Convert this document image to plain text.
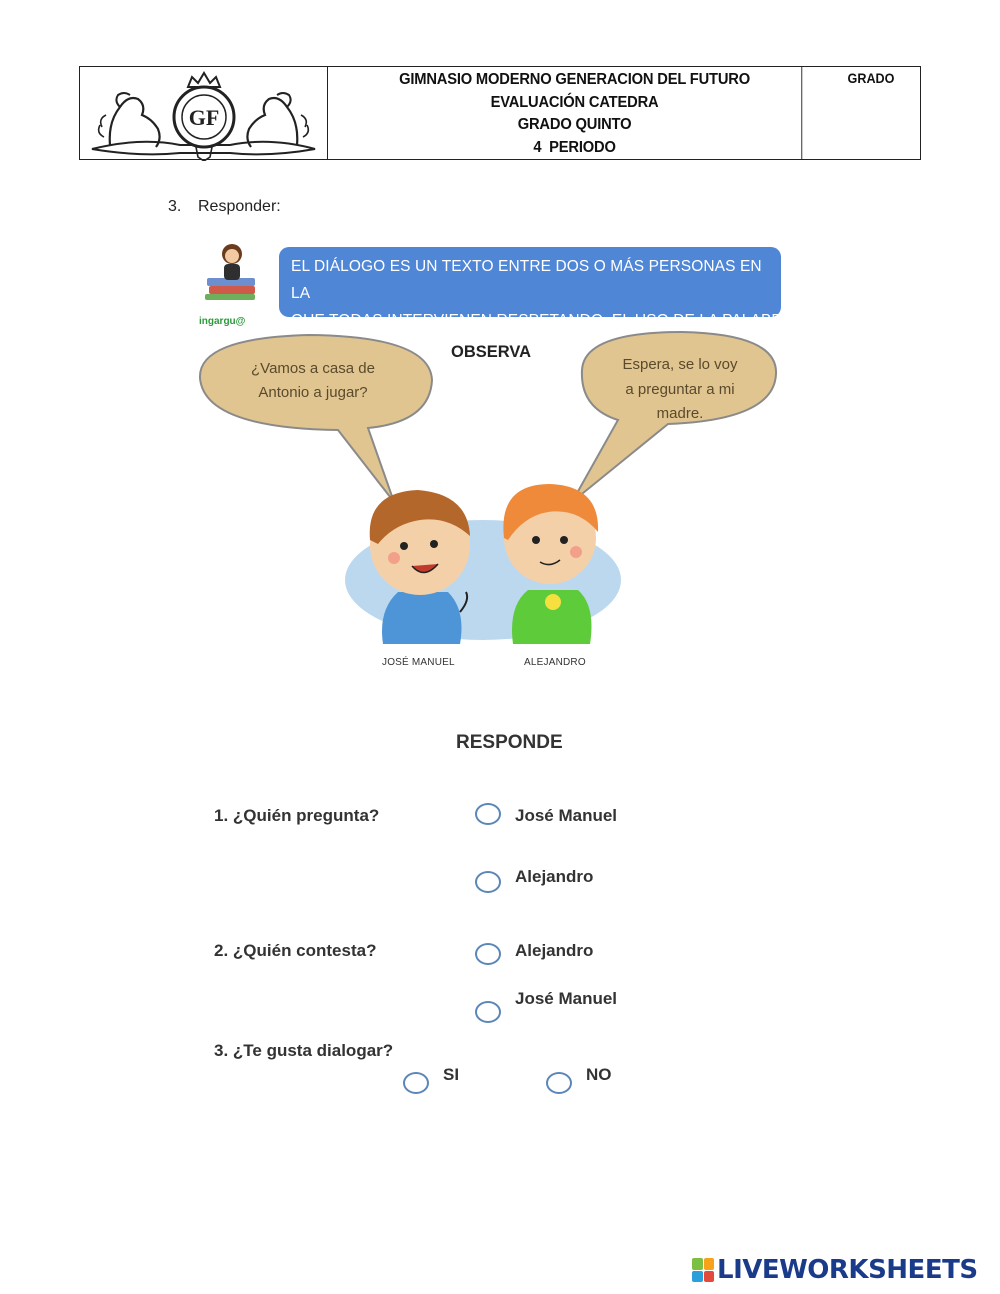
GF
GIMNASIO MODERNO GENERACION DEL FUTURO
EVALUACIÓN CATEDRA
GRADO QUINTO
4  PERIODO
GRADO
3. Responder:
EL DIÁLOGO ES UN TEXTO ENTRE DOS O MÁS PERSONAS EN LA
QUE TODAS INTERVIENEN RESPETANDO  EL USO DE LA PALABRA
ingargu@
OBSERVA
¿Vamos a casa de
Antonio a jugar?
Espera, se lo voy
a preguntar a mi
madre.
JOSÉ MANUEL	ALEJANDRO
RESPONDE
1. ¿Quién pregunta?	José Manuel
Alejandro
2. ¿Quién contesta?	Alejandro
José Manuel
3. ¿Te gusta dialogar?
SI	NO
LIVEWORKSHEETS
